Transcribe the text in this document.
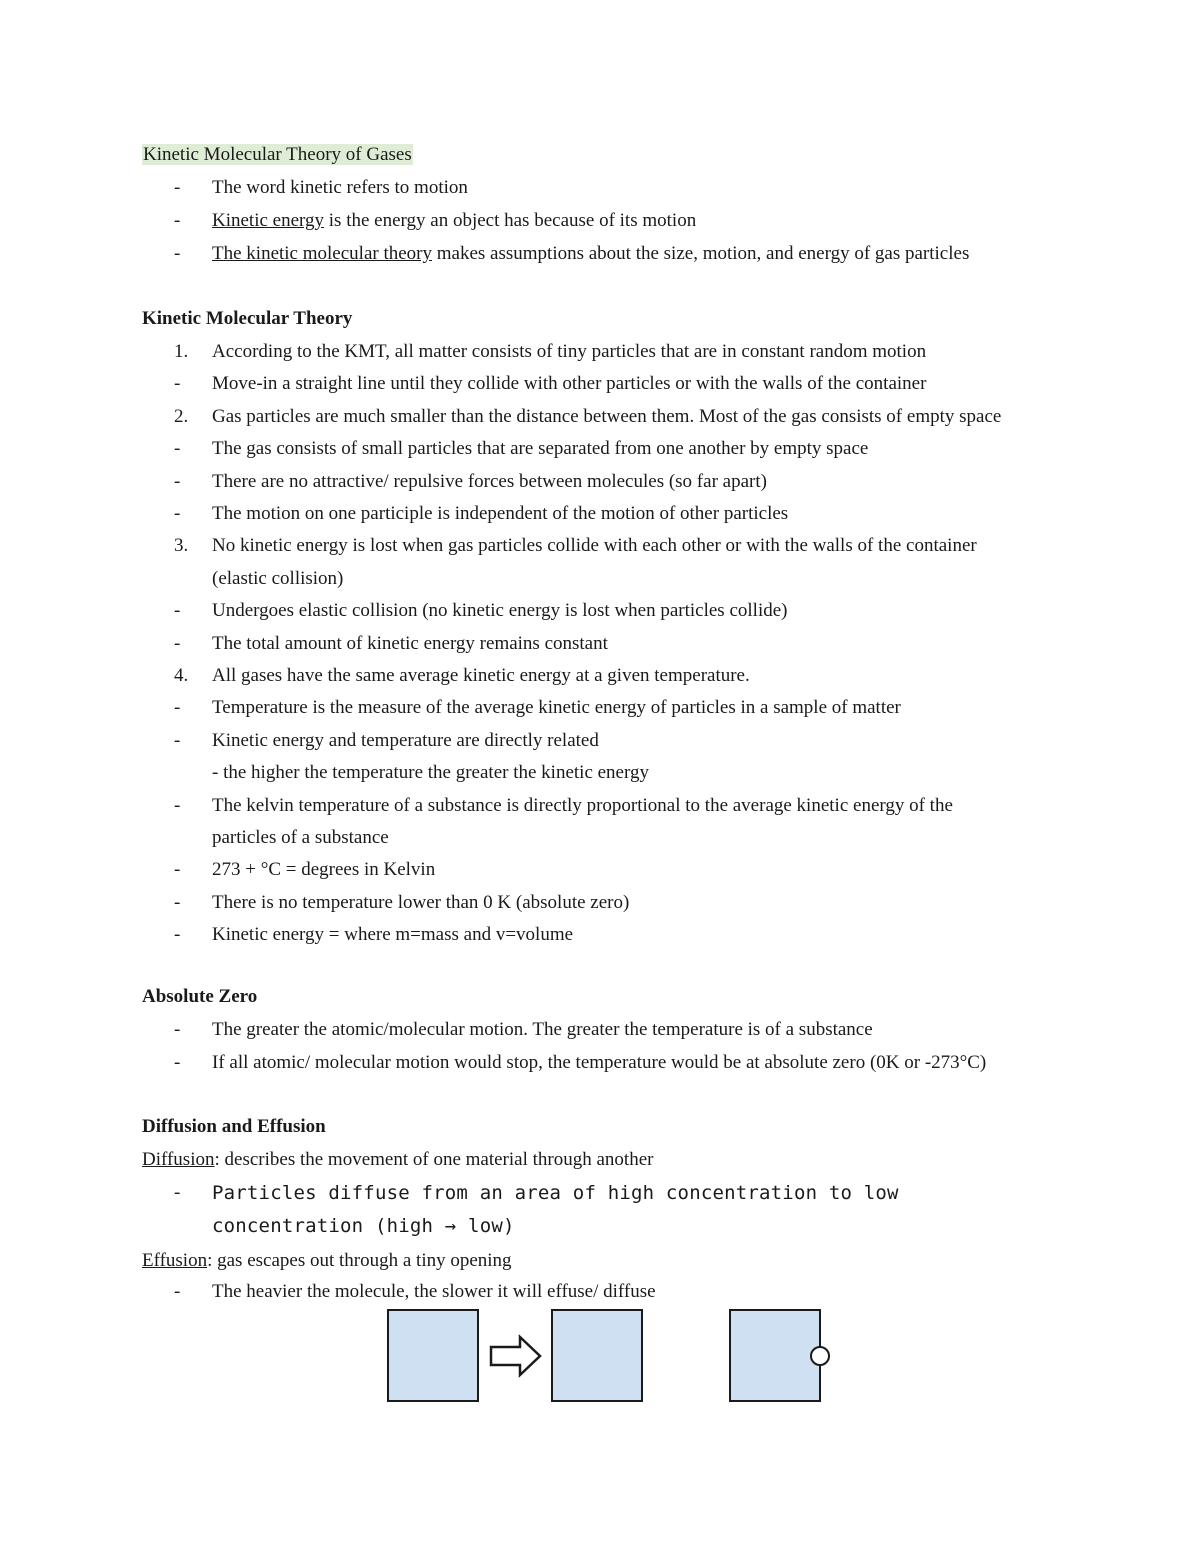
Kinetic Molecular Theory of Gases
- The word kinetic refers to motion
- Kinetic energy is the energy an object has because of its motion
- The kinetic molecular theory makes assumptions about the size, motion, and energy of gas particles
Kinetic Molecular Theory
1. According to the KMT, all matter consists of tiny particles that are in constant random motion
- Move-in a straight line until they collide with other particles or with the walls of the container
2. Gas particles are much smaller than the distance between them. Most of the gas consists of empty space
- The gas consists of small particles that are separated from one another by empty space
- There are no attractive/ repulsive forces between molecules (so far apart)
- The motion on one participle is independent of the motion of other particles
3. No kinetic energy is lost when gas particles collide with each other or with the walls of the container
(elastic collision)
- Undergoes elastic collision (no kinetic energy is lost when particles collide)
- The total amount of kinetic energy remains constant
4. All gases have the same average kinetic energy at a given temperature.
- Temperature is the measure of the average kinetic energy of particles in a sample of matter
- Kinetic energy and temperature are directly related
- the higher the temperature the greater the kinetic energy
- The kelvin temperature of a substance is directly proportional to the average kinetic energy of the
particles of a substance
- 273 + °C = degrees in Kelvin
- There is no temperature lower than 0 K (absolute zero)
- Kinetic energy = where m=mass and v=volume
Absolute Zero
- The greater the atomic/molecular motion. The greater the temperature is of a substance
- If all atomic/ molecular motion would stop, the temperature would be at absolute zero (0K or -273°C)
Diffusion and Effusion
Diffusion: describes the movement of one material through another
- Particles diffuse from an area of high concentration to low
concentration (high → low)
Effusion: gas escapes out through a tiny opening
- The heavier the molecule, the slower it will effuse/ diffuse
